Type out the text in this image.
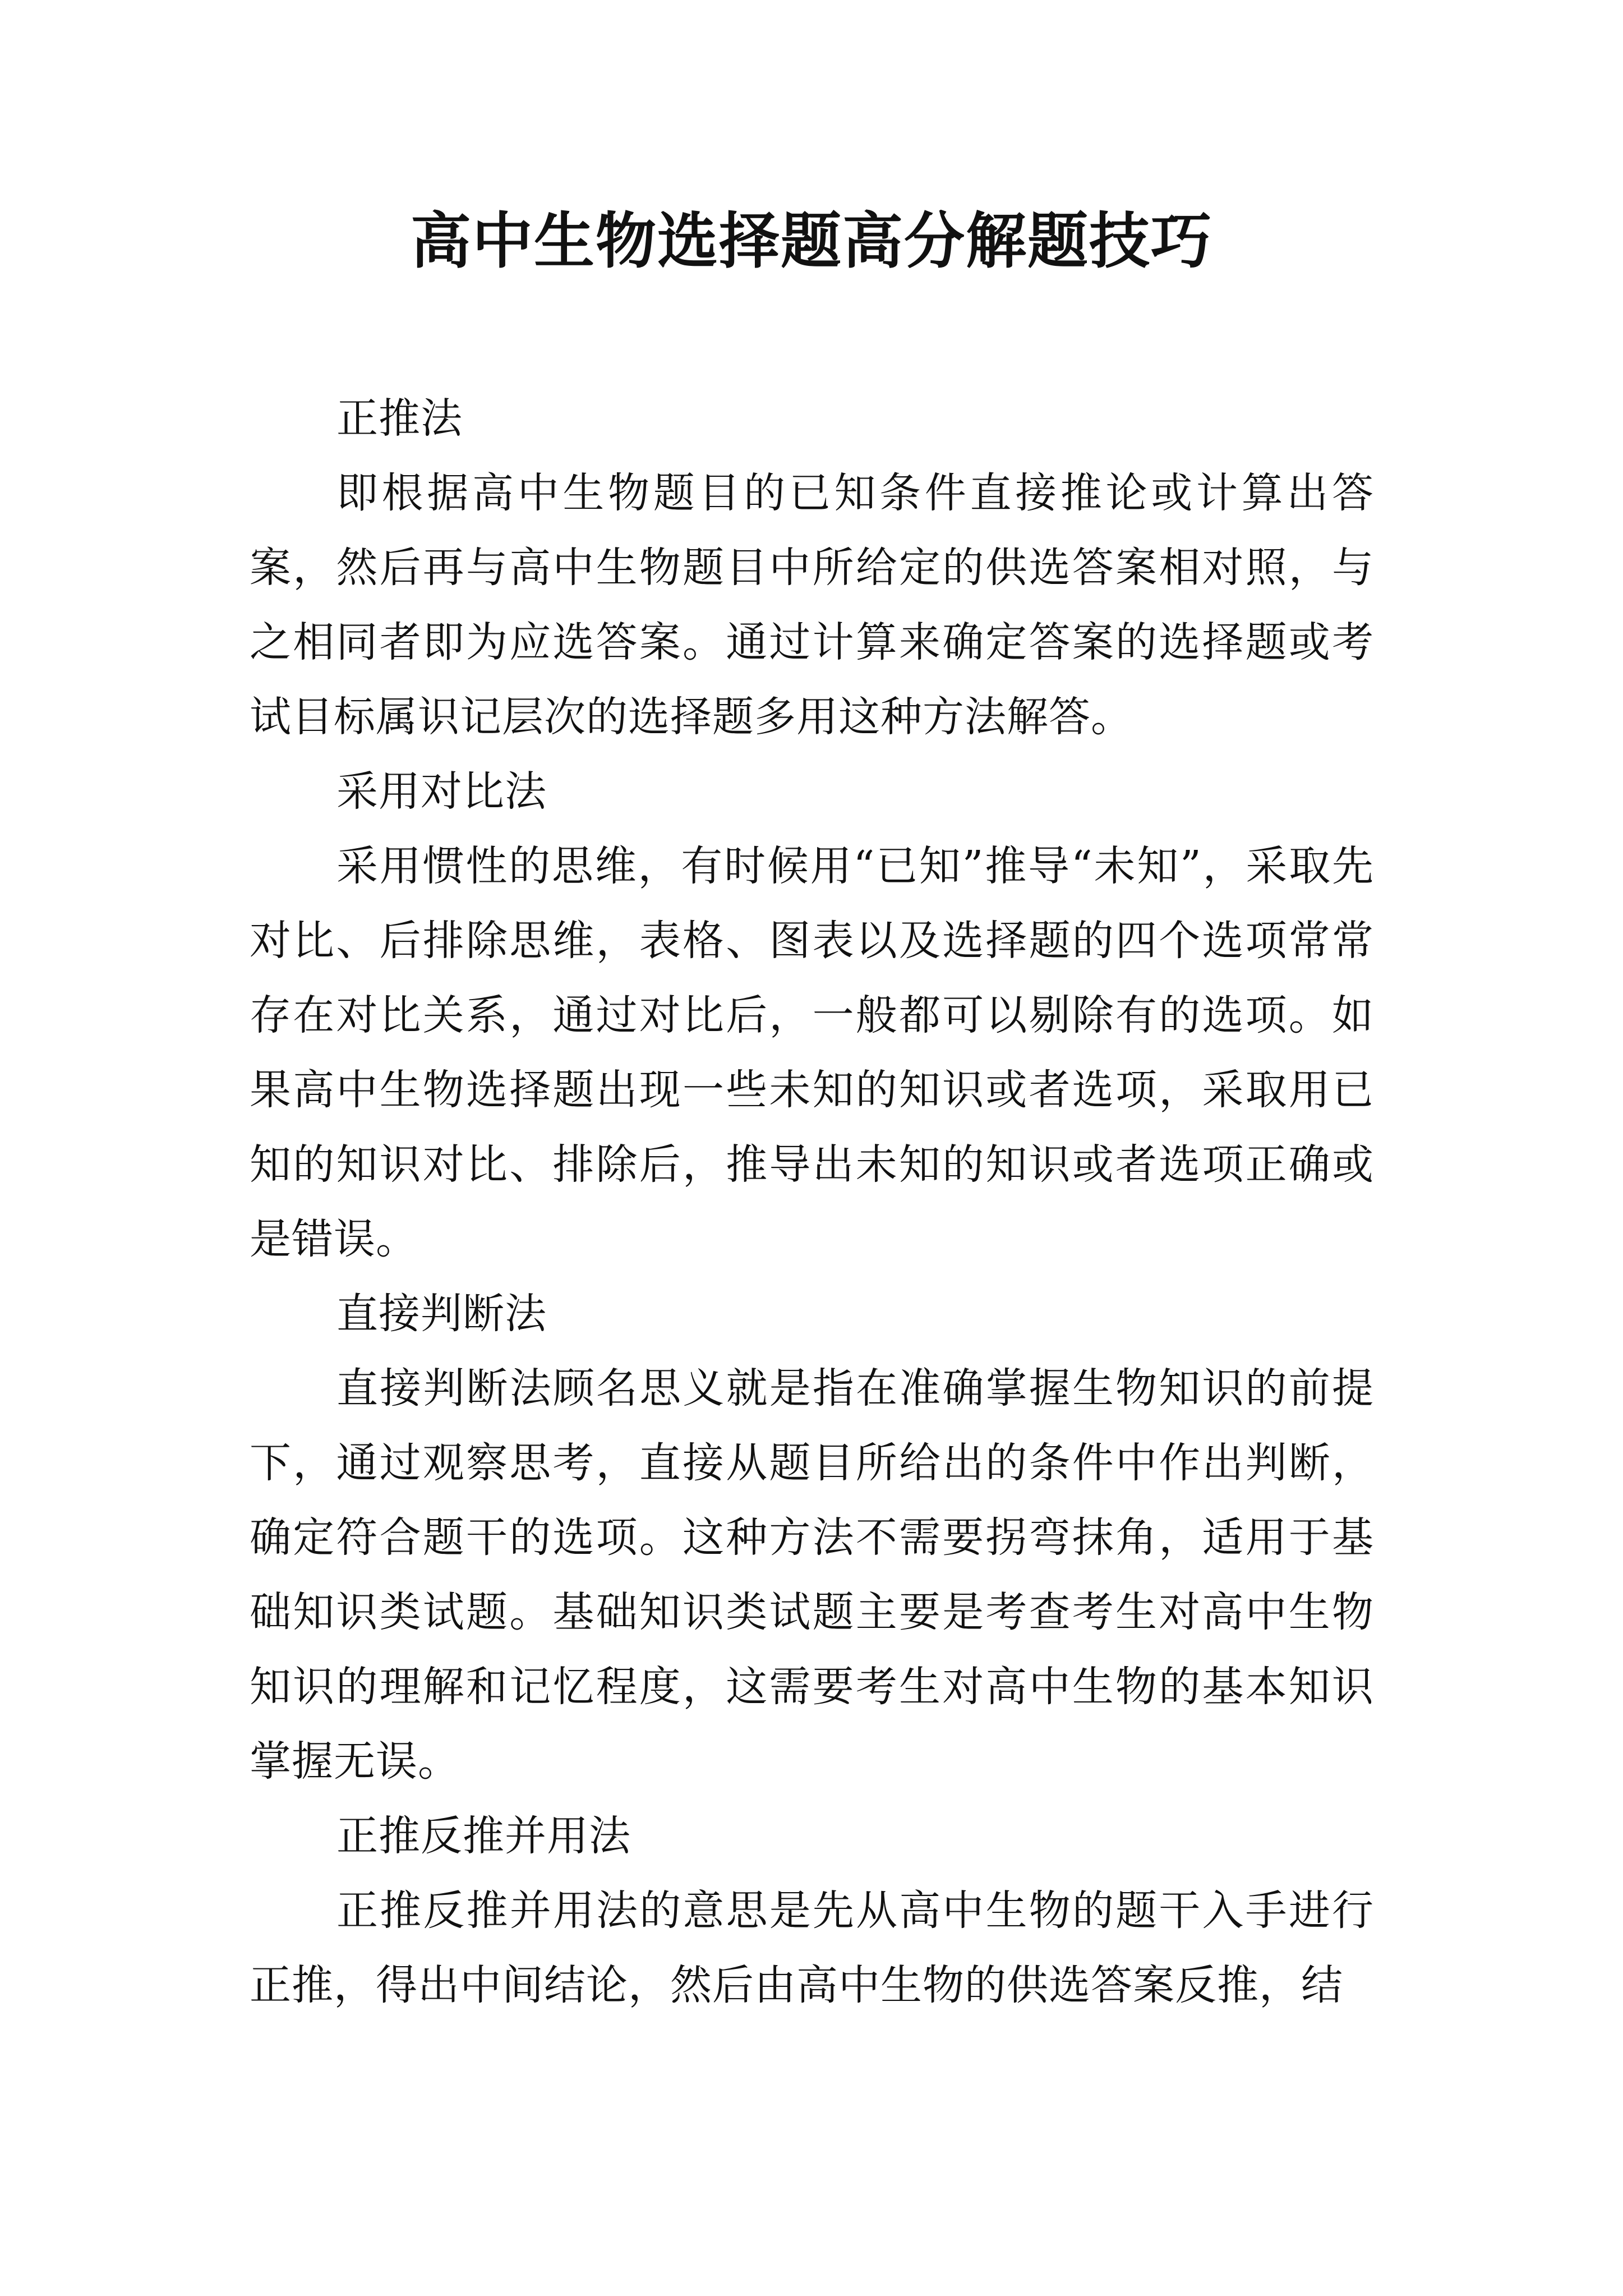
高中生物选择题高分解题技巧

正推法

即根据高中生物题目的已知条件直接推论或计算出答案，然后再与高中生物题目中所给定的供选答案相对照，与之相同者即为应选答案。通过计算来确定答案的选择题或考试目标属识记层次的选择题多用这种方法解答。

采用对比法

采用惯性的思维，有时候用“已知”推导“未知”，采取先对比、后排除思维，表格、图表以及选择题的四个选项常常存在对比关系，通过对比后，一般都可以剔除有的选项。如果高中生物选择题出现一些未知的知识或者选项，采取用已知的知识对比、排除后，推导出未知的知识或者选项正确或是错误。

直接判断法

直接判断法顾名思义就是指在准确掌握生物知识的前提下，通过观察思考，直接从题目所给出的条件中作出判断，确定符合题干的选项。这种方法不需要拐弯抹角，适用于基础知识类试题。基础知识类试题主要是考查考生对高中生物知识的理解和记忆程度，这需要考生对高中生物的基本知识掌握无误。

正推反推并用法

正推反推并用法的意思是先从高中生物的题干入手进行正推，得出中间结论，然后由高中生物的供选答案反推，结
